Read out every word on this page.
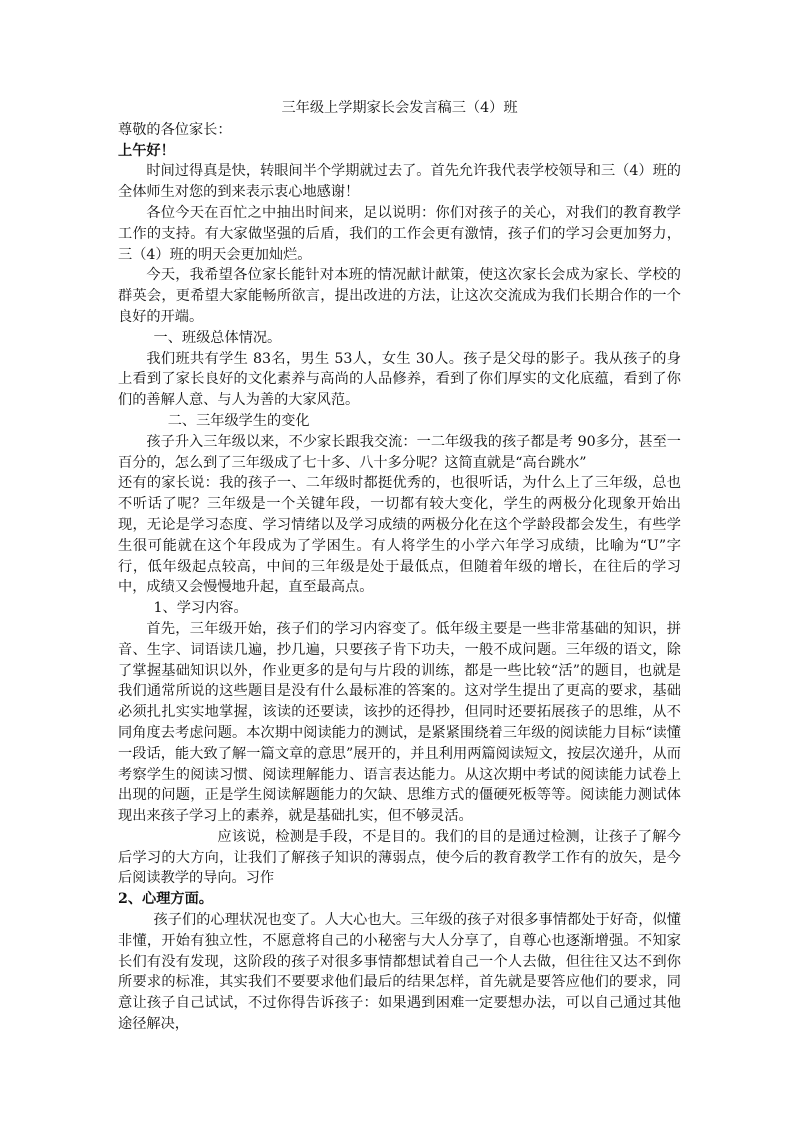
三年级上学期家长会发言稿三（4）班

尊敬的各位家长：

上午好！

时间过得真是快，转眼间半个学期就过去了。首先允许我代表学校领导和三（4）班的全体师生对您的到来表示衷心地感谢！

各位今天在百忙之中抽出时间来，足以说明：你们对孩子的关心，对我们的教育教学工作的支持。有大家做坚强的后盾，我们的工作会更有激情，孩子们的学习会更加努力，三（4）班的明天会更加灿烂。

今天，我希望各位家长能针对本班的情况献计献策，使这次家长会成为家长、学校的群英会，更希望大家能畅所欲言，提出改进的方法，让这次交流成为我们长期合作的一个良好的开端。

一、班级总体情况。

我们班共有学生 83名，男生 53人，女生 30人。孩子是父母的影子。我从孩子的身上看到了家长良好的文化素养与高尚的人品修养，看到了你们厚实的文化底蕴，看到了你们的善解人意、与人为善的大家风范。

二、三年级学生的变化

孩子升入三年级以来，不少家长跟我交流：一二年级我的孩子都是考 90多分，甚至一百分的，怎么到了三年级成了七十多、八十多分呢？这简直就是“高台跳水”

还有的家长说：我的孩子一、二年级时都挺优秀的，也很听话，为什么上了三年级，总也不听话了呢？三年级是一个关键年段，一切都有较大变化，学生的两极分化现象开始出现，无论是学习态度、学习情绪以及学习成绩的两极分化在这个学龄段都会发生，有些学生很可能就在这个年段成为了学困生。有人将学生的小学六年学习成绩，比喻为“U”字行，低年级起点较高，中间的三年级是处于最低点，但随着年级的增长，在往后的学习中，成绩又会慢慢地升起，直至最高点。

1、学习内容。

首先，三年级开始，孩子们的学习内容变了。低年级主要是一些非常基础的知识，拼音、生字、词语读几遍，抄几遍，只要孩子肯下功夫，一般不成问题。三年级的语文，除了掌握基础知识以外，作业更多的是句与片段的训练，都是一些比较“活”的题目，也就是我们通常所说的这些题目是没有什么最标准的答案的。这对学生提出了更高的要求，基础必须扎扎实实地掌握，该读的还要读，该抄的还得抄，但同时还要拓展孩子的思维，从不同角度去考虑问题。本次期中阅读能力的测试，是紧紧围绕着三年级的阅读能力目标“读懂一段话，能大致了解一篇文章的意思”展开的，并且利用两篇阅读短文，按层次递升，从而考察学生的阅读习惯、阅读理解能力、语言表达能力。从这次期中考试的阅读能力试卷上出现的问题，正是学生阅读解题能力的欠缺、思维方式的僵硬死板等等。阅读能力测试体现出来孩子学习上的素养，就是基础扎实，但不够灵活。

应该说，检测是手段，不是目的。我们的目的是通过检测，让孩子了解今后学习的大方向，让我们了解孩子知识的薄弱点，使今后的教育教学工作有的放矢，是今后阅读教学的导向。习作

2、心理方面。

孩子们的心理状况也变了。人大心也大。三年级的孩子对很多事情都处于好奇，似懂非懂，开始有独立性，不愿意将自己的小秘密与大人分享了，自尊心也逐渐增强。不知家长们有没有发现，这阶段的孩子对很多事情都想试着自己一个人去做，但往往又达不到你所要求的标准，其实我们不要要求他们最后的结果怎样，首先就是要答应他们的要求，同意让孩子自己试试，不过你得告诉孩子：如果遇到困难一定要想办法，可以自己通过其他途径解决，
